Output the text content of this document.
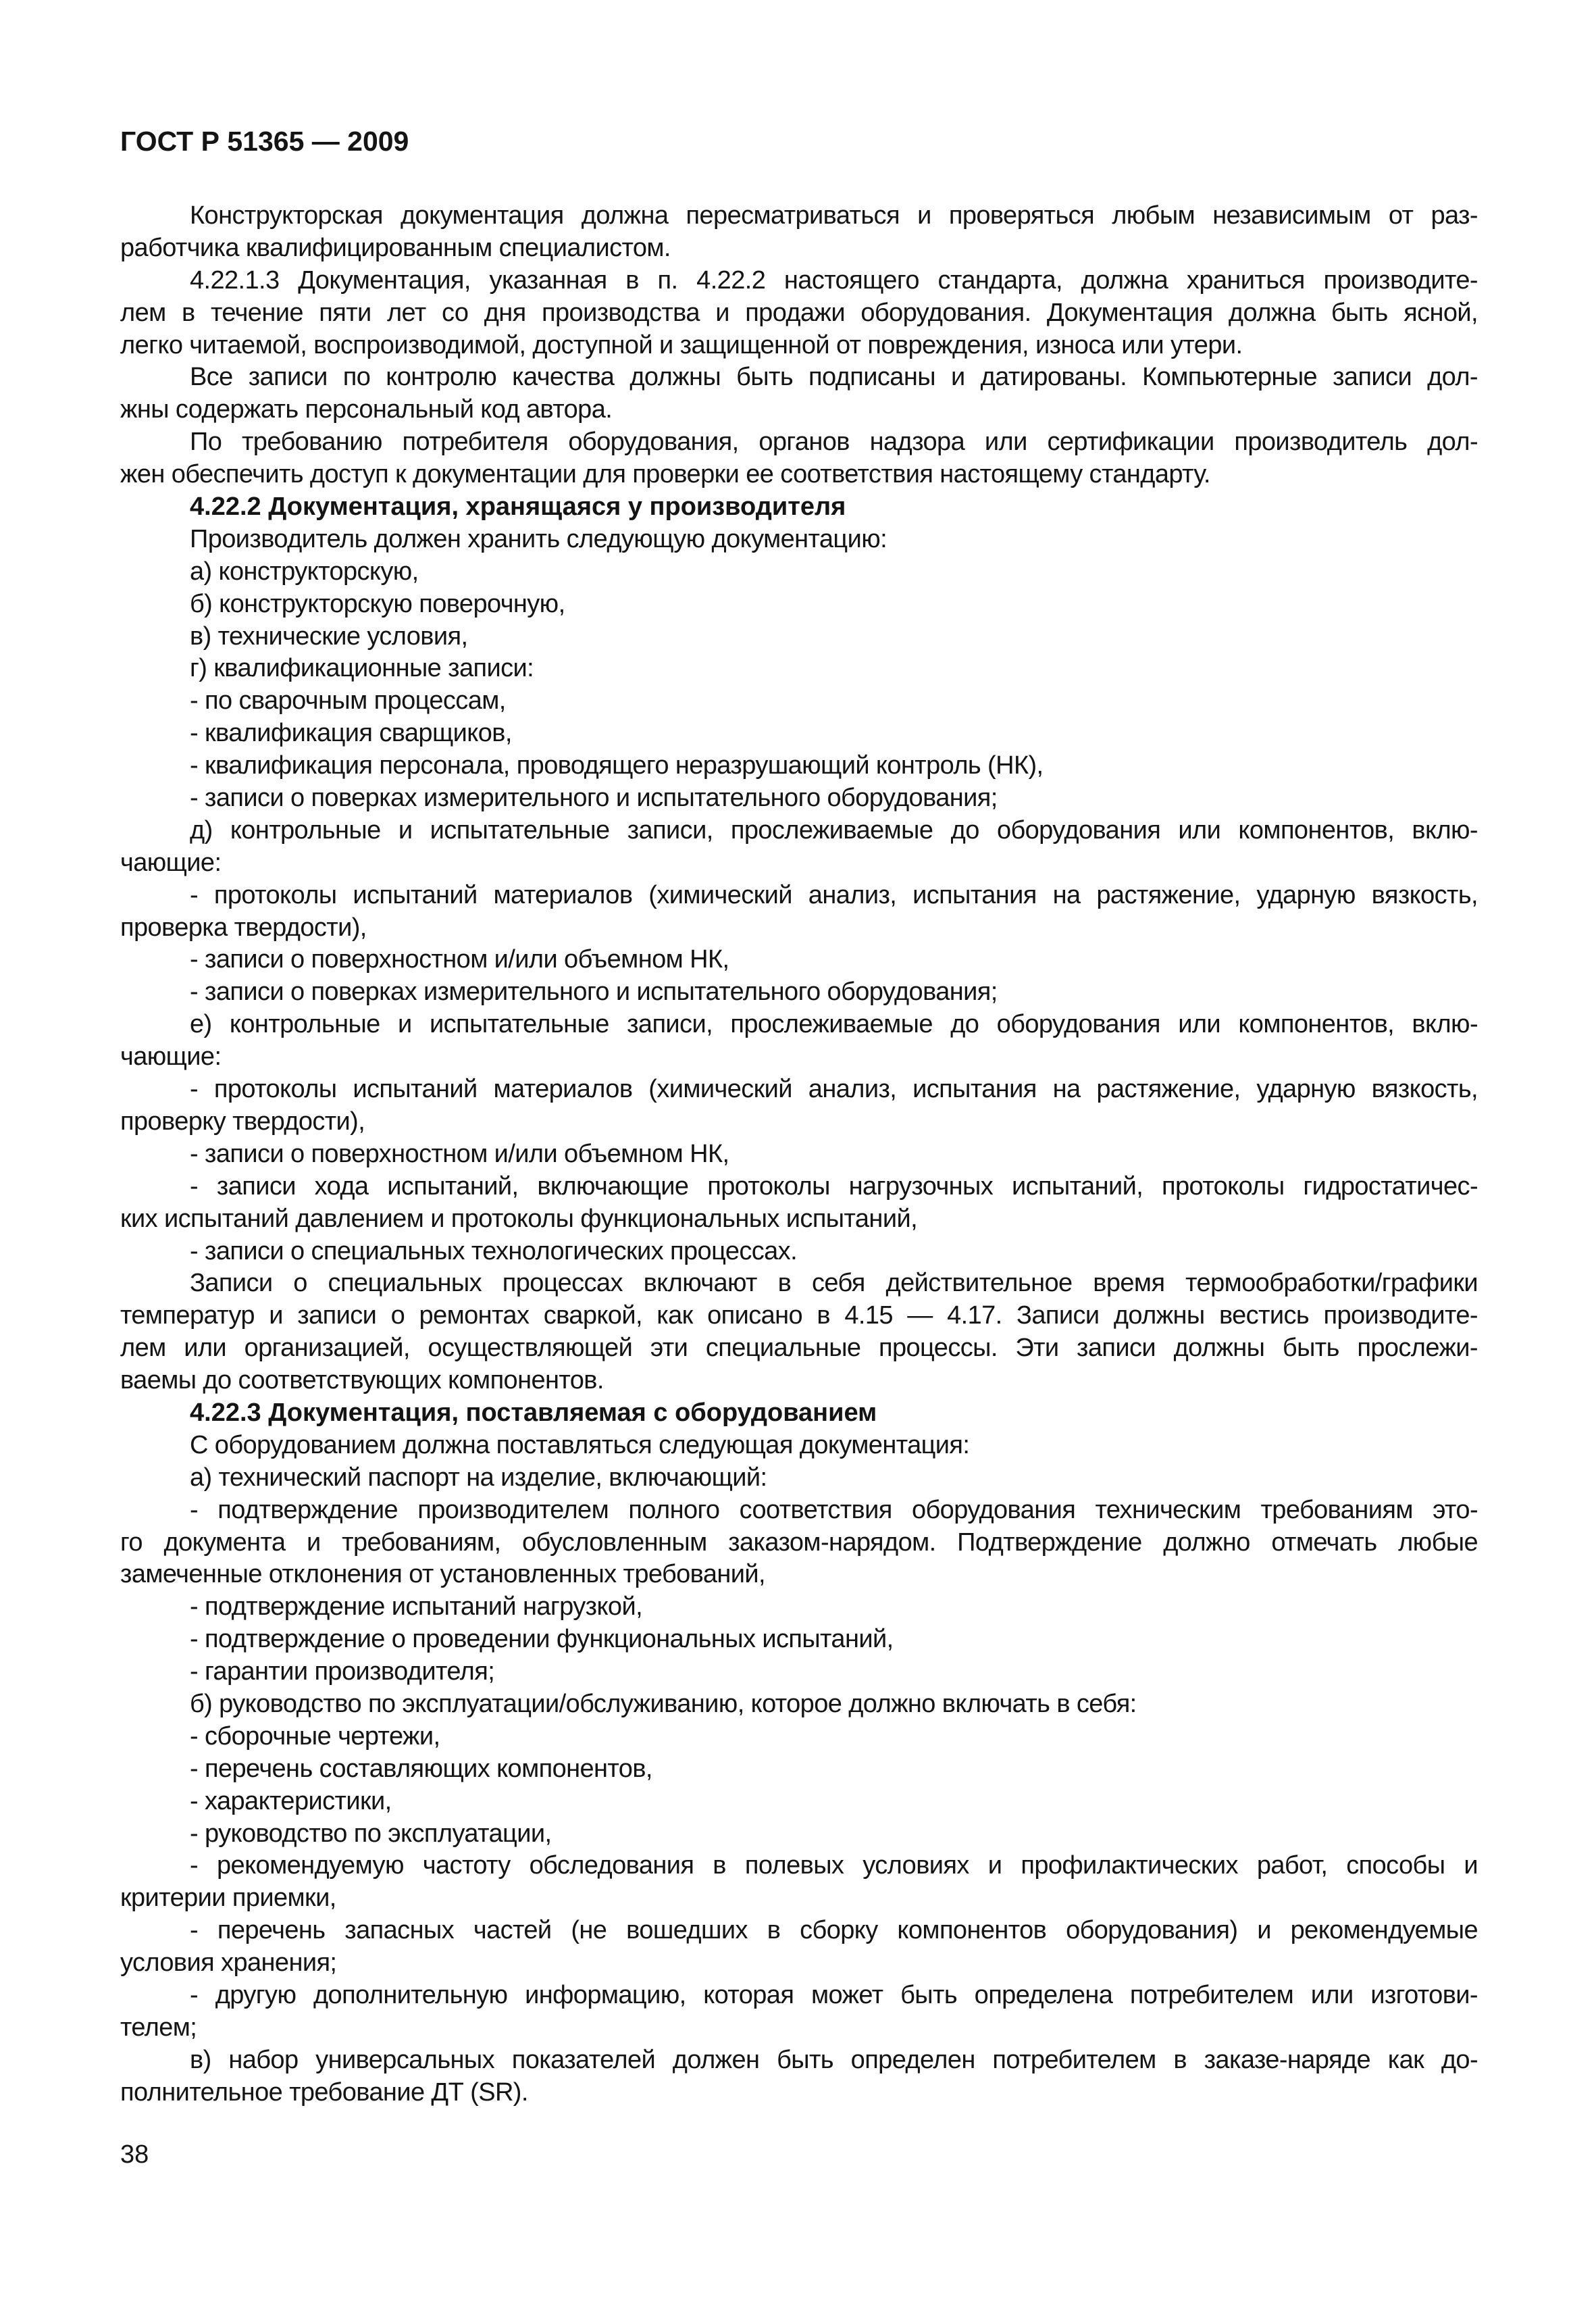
ГОСТ Р 51365 — 2009
Конструкторская документация должна пересматриваться и проверяться любым независимым от раз-
работчика квалифицированным специалистом.
4.22.1.3 Документация, указанная в п. 4.22.2 настоящего стандарта, должна храниться производите-
лем в течение пяти лет со дня производства и продажи оборудования. Документация должна быть ясной,
легко читаемой, воспроизводимой, доступной и защищенной от повреждения, износа или утери.
Все записи по контролю качества должны быть подписаны и датированы. Компьютерные записи дол-
жны содержать персональный код автора.
По требованию потребителя оборудования, органов надзора или сертификации производитель дол-
жен обеспечить доступ к документации для проверки ее соответствия настоящему стандарту.
4.22.2 Документация, хранящаяся у производителя
Производитель должен хранить следующую документацию:
а) конструкторскую,
б) конструкторскую поверочную,
в) технические условия,
г) квалификационные записи:
- по сварочным процессам,
- квалификация сварщиков,
- квалификация персонала, проводящего неразрушающий контроль (НК),
- записи о поверках измерительного и испытательного оборудования;
д) контрольные и испытательные записи, прослеживаемые до оборудования или компонентов, вклю-
чающие:
- протоколы испытаний материалов (химический анализ, испытания на растяжение, ударную вязкость,
проверка твердости),
- записи о поверхностном и/или объемном НК,
- записи о поверках измерительного и испытательного оборудования;
е) контрольные и испытательные записи, прослеживаемые до оборудования или компонентов, вклю-
чающие:
- протоколы испытаний материалов (химический анализ, испытания на растяжение, ударную вязкость,
проверку твердости),
- записи о поверхностном и/или объемном НК,
- записи хода испытаний, включающие протоколы нагрузочных испытаний, протоколы гидростатичес-
ких испытаний давлением и протоколы функциональных испытаний,
- записи о специальных технологических процессах.
Записи о специальных процессах включают в себя действительное время термообработки/графики
температур и записи о ремонтах сваркой, как описано в 4.15 — 4.17. Записи должны вестись производите-
лем или организацией, осуществляющей эти специальные процессы. Эти записи должны быть прослежи-
ваемы до соответствующих компонентов.
4.22.3 Документация, поставляемая с оборудованием
С оборудованием должна поставляться следующая документация:
а) технический паспорт на изделие, включающий:
- подтверждение производителем полного соответствия оборудования техническим требованиям это-
го документа и требованиям, обусловленным заказом-нарядом. Подтверждение должно отмечать любые
замеченные отклонения от установленных требований,
- подтверждение испытаний нагрузкой,
- подтверждение о проведении функциональных испытаний,
- гарантии производителя;
б) руководство по эксплуатации/обслуживанию, которое должно включать в себя:
- сборочные чертежи,
- перечень составляющих компонентов,
- характеристики,
- руководство по эксплуатации,
- рекомендуемую частоту обследования в полевых условиях и профилактических работ, способы и
критерии приемки,
- перечень запасных частей (не вошедших в сборку компонентов оборудования) и рекомендуемые
условия хранения;
- другую дополнительную информацию, которая может быть определена потребителем или изготови-
телем;
в) набор универсальных показателей должен быть определен потребителем в заказе-наряде как до-
полнительное требование ДТ (SR).
38
